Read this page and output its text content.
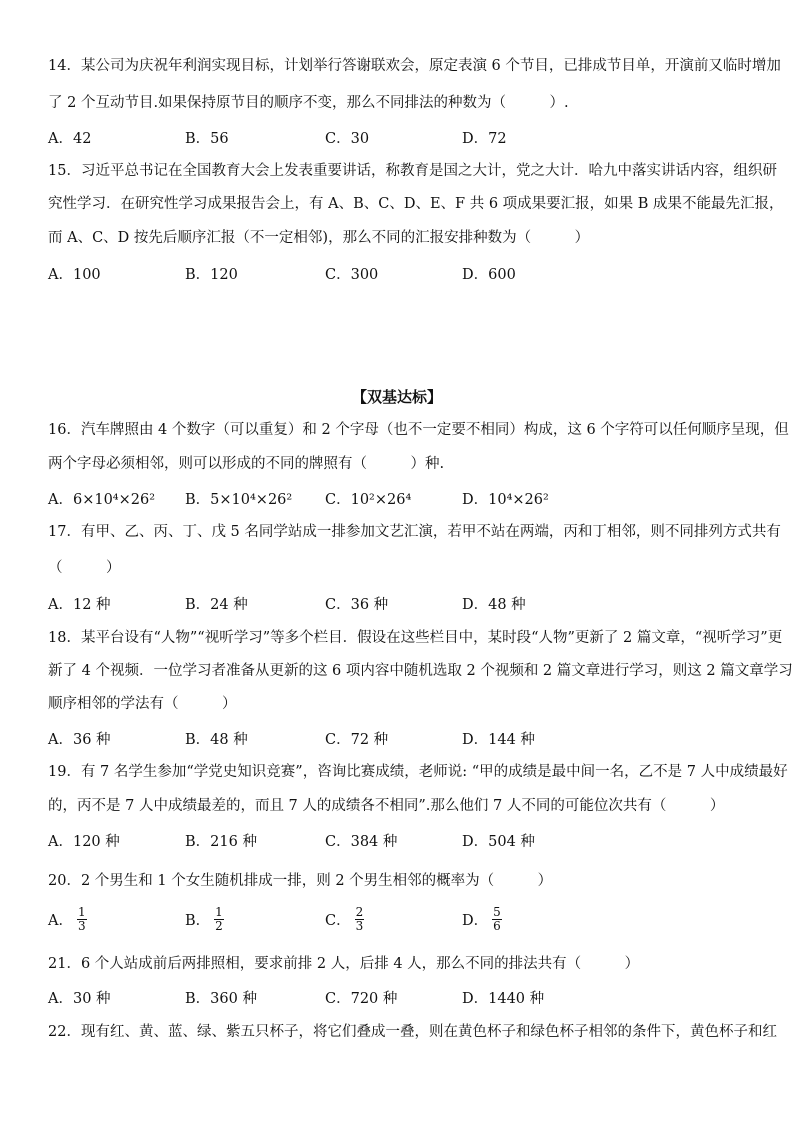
14．某公司为庆祝年利润实现目标，计划举行答谢联欢会，原定表演 6 个节目，已排成节目单，开演前又临时增加
了 2 个互动节目.如果保持原节目的顺序不变，那么不同排法的种数为（　　　）.
A．42	B．56	C．30	D．72
15．习近平总书记在全国教育大会上发表重要讲话，称教育是国之大计，党之大计．哈九中落实讲话内容，组织研
究性学习．在研究性学习成果报告会上，有 A、B、C、D、E、F 共 6 项成果要汇报，如果 B 成果不能最先汇报，
而 A、C、D 按先后顺序汇报（不一定相邻)，那么不同的汇报安排种数为（　　　）
A．100	B．120	C．300	D．600
【双基达标】
16．汽车牌照由 4 个数字（可以重复）和 2 个字母（也不一定要不相同）构成，这 6 个字符可以任何顺序呈现，但
两个字母必须相邻，则可以形成的不同的牌照有（　　　）种.
A．6×10⁴×26² B．5×10⁴×26² C．10²×26⁴	D．10⁴×26²
17．有甲、乙、丙、丁、戊 5 名同学站成一排参加文艺汇演，若甲不站在两端，丙和丁相邻，则不同排列方式共有
（　　　）
A．12 种	B．24 种	C．36 种	D．48 种
18．某平台设有“人物”“视听学习”等多个栏目．假设在这些栏目中，某时段“人物”更新了 2 篇文章，“视听学习”更
新了 4 个视频．一位学习者准备从更新的这 6 项内容中随机选取 2 个视频和 2 篇文章进行学习，则这 2 篇文章学习
顺序相邻的学法有（　　　）
A．36 种	B．48 种	C．72 种	D．144 种
19．有 7 名学生参加“学党史知识竞赛”，咨询比赛成绩，老师说: “甲的成绩是最中间一名，乙不是 7 人中成绩最好
的，丙不是 7 人中成绩最差的，而且 7 人的成绩各不相同”.那么他们 7 人不同的可能位次共有（　　　）
A．120 种	B．216 种	C．384 种	D．504 种
20．2 个男生和 1 个女生随机排成一排，则 2 个男生相邻的概率为（　　　）
A． $\frac{1}{3}$	B． $\frac{1}{2}$	C． $\frac{2}{3}$	D． $\frac{5}{6}$
21．6 个人站成前后两排照相，要求前排 2 人，后排 4 人，那么不同的排法共有（　　　）
A．30 种	B．360 种	C．720 种	D．1440 种
22．现有红、黄、蓝、绿、紫五只杯子，将它们叠成一叠，则在黄色杯子和绿色杯子相邻的条件下，黄色杯子和红
